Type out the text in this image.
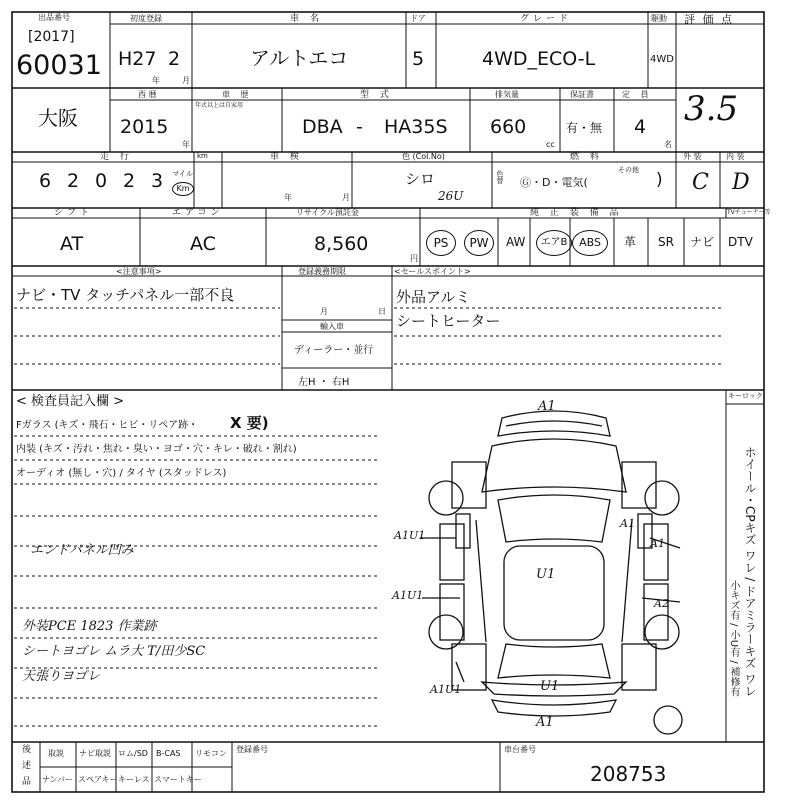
出品番号
[2017]
60031
初度登録
H27 2
年	月
車 名
アルトエコ
ドア
5
グレード
4WD_ECO-L
駆動
4WD
評 価 点
3.5
大阪
西 暦
2015
年
車 歴
年式以上は自家用
型 式
DBA - HA35S
排気量
660
cc
保証書
有・無
定 員
4
名
走 行
6 2 0 2 3	マイル
Km
km	車 検
年	月
色 (Col.No)
シロ
26U
色替
燃 料
Ⓖ・D・電気(
その他 )
外 装
C
内 装
D
シフト
AT
エアコン
AC
リサイクル預託金
8,560
円
純 正 装 備 品	TVチューナー等
PS	PW	AW	エアB	ABS	革 SR ナビ DTV
<注意事項>
ナビ・TV タッチパネル一部不良
登録義務期限
月	日
輸入車
ディーラー・並行
左H ・ 右H
<セールスポイント>
外品アルミ
シートヒーター
< 検査員記入欄 >
Fガラス (キズ・飛石・ヒビ・リペア跡・ X 要)
内装 (キズ・汚れ・焦れ・臭い・ヨゴ・穴・キレ・破れ・割れ)
オーディオ (無し・穴) / タイヤ (スタッドレス)
エンドパネル凹み
外装PCE 1823 作業跡
シートヨゴレ ムラ大 T/田少SC
天張りヨゴレ
A1
A1
A1U1
A1
A1U1
U1
A2
A1U1	U1
A1
キーロック
ホイール・CPキズ ワレ / ドアミラーキズ ワレ
小キズ有 / 小U有 / 補修有
後
述
品
取説 ナビ取説 ロム/SD B-CAS リモコン
ナンバー スペアキー キーレス スマートキー
登録番号	車台番号
208753
